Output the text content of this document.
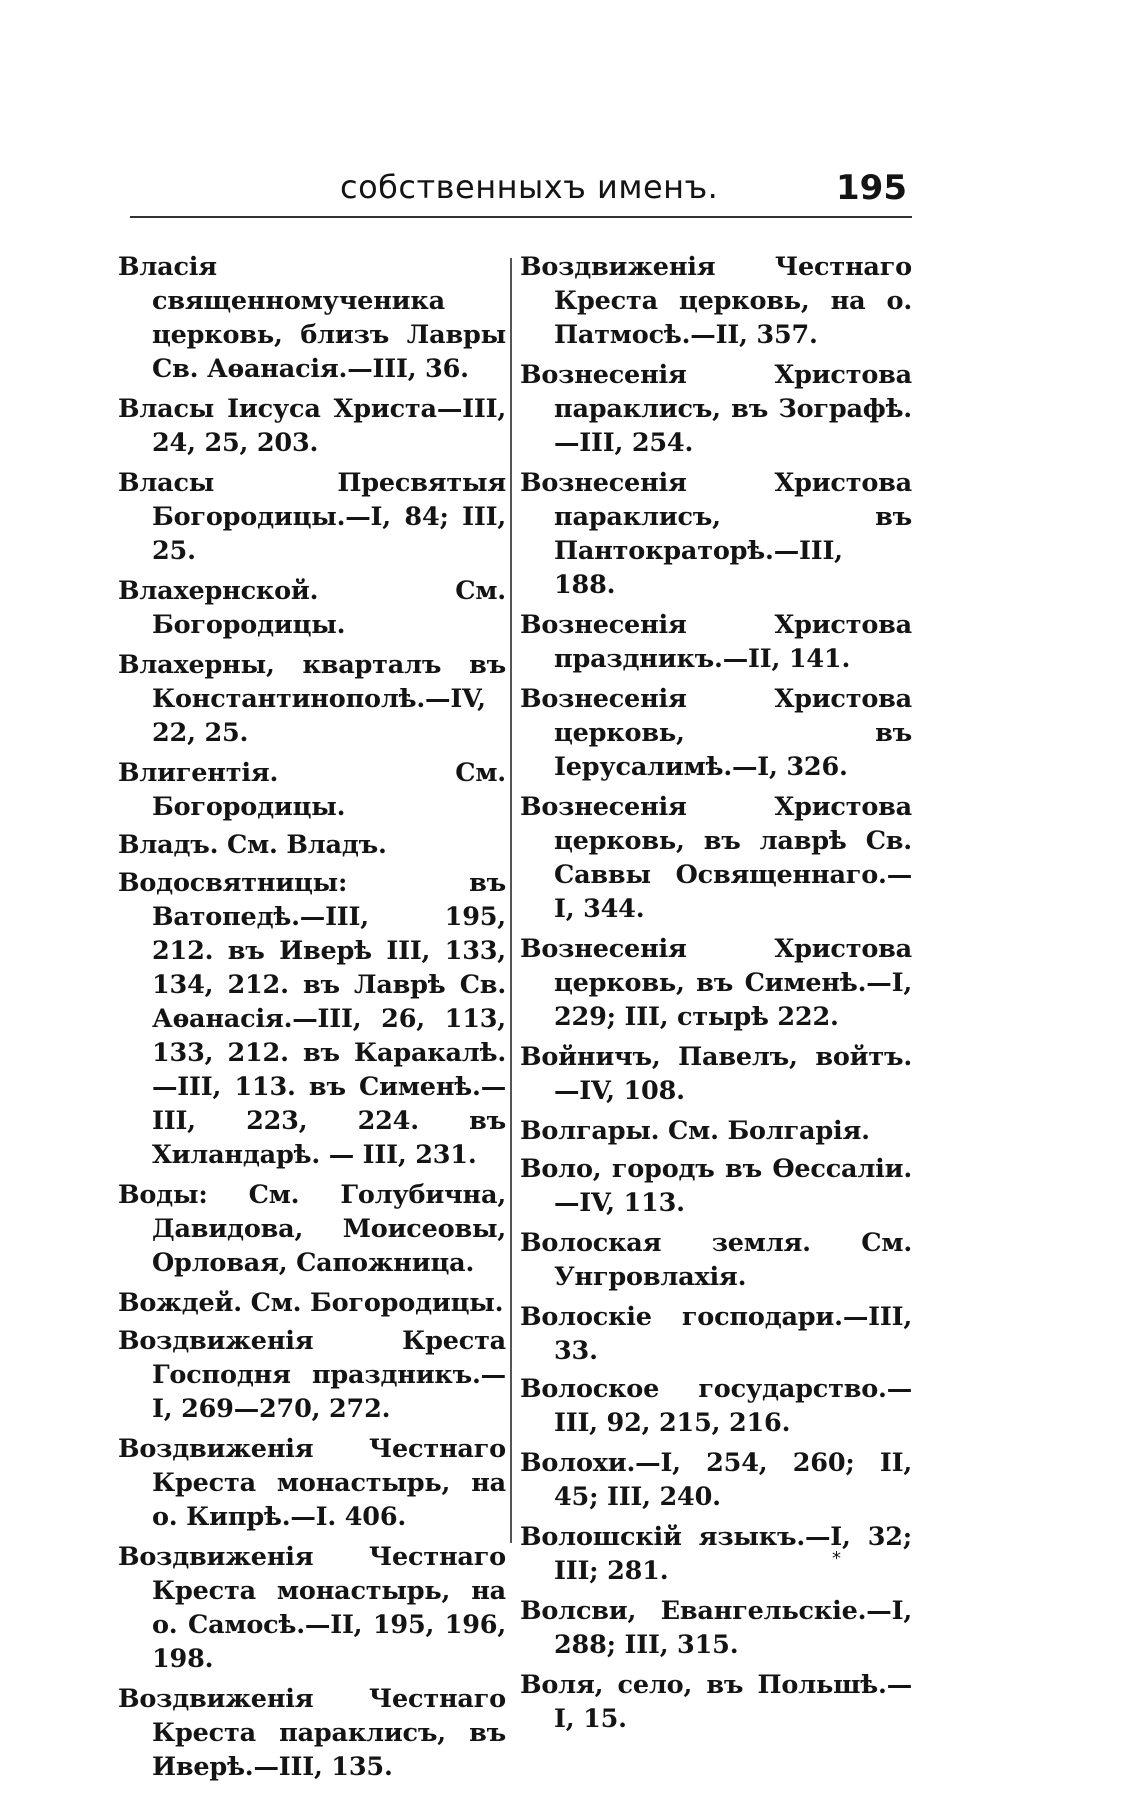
собственныхъ именъ.	195

Власія священномученика церковь, близъ Лавры Св. Аѳанасія.—III, 36.

Власы Іисуса Христа—III, 24, 25, 203.

Власы Пресвятыя Богородицы.—I, 84; III, 25.

Влахернской. См. Богородицы.

Влахерны, кварталъ въ Константинополѣ.—IV, 22, 25.

Влигентія. См. Богородицы.

Владъ. См. Владъ.

Водосвятницы: въ Ватопедѣ.—III, 195, 212. въ Иверѣ III, 133, 134, 212. въ Лаврѣ Св. Аѳанасія.—III, 26, 113, 133, 212. въ Каракалѣ.—III, 113. въ Сименѣ.—III, 223, 224. въ Хиландарѣ. — III, 231.

Воды: См. Голубична, Давидова, Моисеовы, Орловая, Сапожница.

Вождей. См. Богородицы.

Воздвиженія Креста Господня праздникъ.—I, 269—270, 272.

Воздвиженія Честнаго Креста монастырь, на о. Кипрѣ.—I. 406.

Воздвиженія Честнаго Креста монастырь, на о. Самосѣ.—II, 195, 196, 198.

Воздвиженія Честнаго Креста параклисъ, въ Иверѣ.—III, 135.

Воздвиженія Честнаго Креста церковь, на о. Патмосѣ.—II, 357.

Вознесенія Христова параклисъ, въ Зографѣ.—III, 254.

Вознесенія Христова параклисъ, въ Пантократорѣ.—III, 188.

Вознесенія Христова праздникъ.—II, 141.

Вознесенія Христова церковь, въ Іерусалимѣ.—I, 326.

Вознесенія Христова церковь, въ лаврѣ Св. Саввы Освященнаго.—I, 344.

Вознесенія Христова церковь, въ Сименѣ.—I, 229; III, стырѣ 222.

Войничъ, Павелъ, войтъ.—IV, 108.

Волгары. См. Болгарія.

Воло, городъ въ Ѳессаліи.—IV, 113.

Волоская земля. См. Унгровлахія.

Волоскіе господари.—III, 33.

Волоское государство.—III, 92, 215, 216.

Волохи.—I, 254, 260; II, 45; III, 240.

Волошскій языкъ.—I, 32; III; 281.

Волсви, Евангельскіе.—I, 288; III, 315.

Воля, село, въ Польшѣ.—I, 15.

*
